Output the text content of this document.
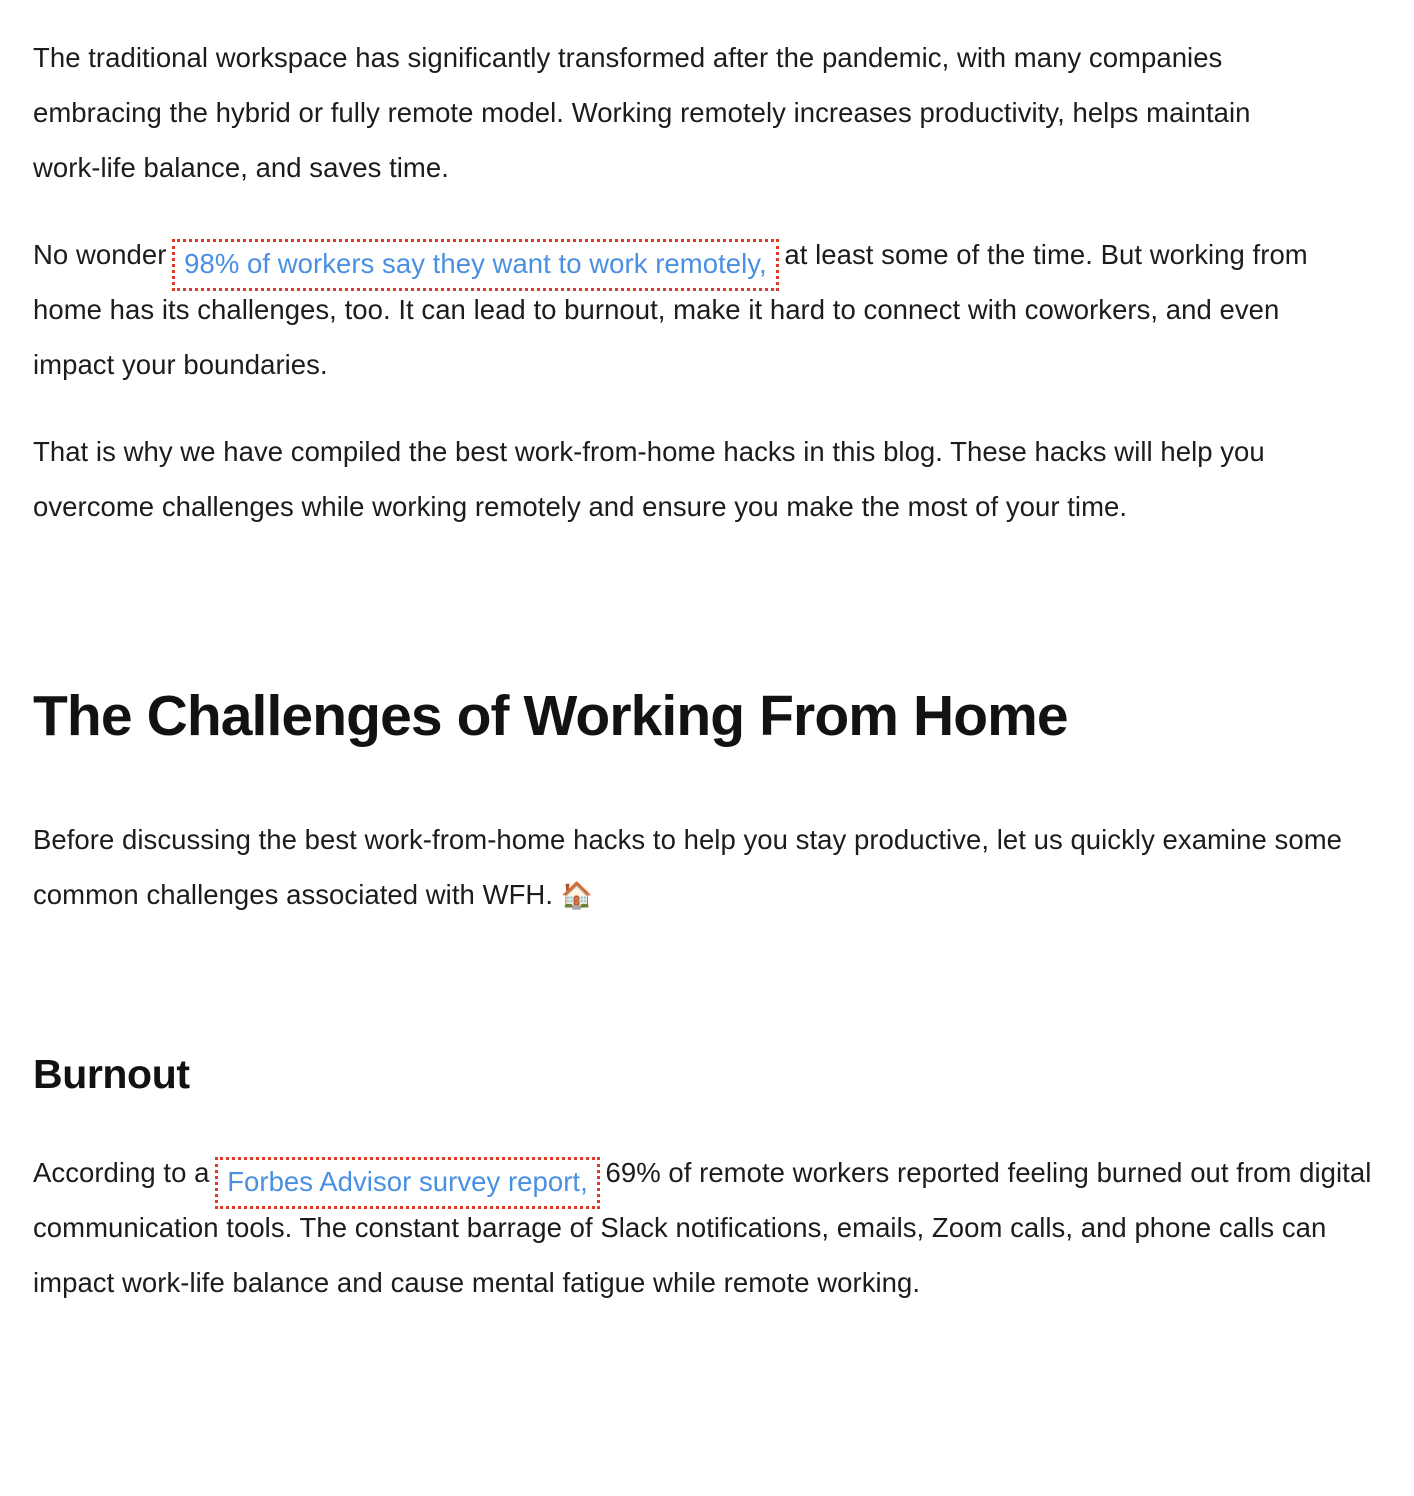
The traditional workspace has significantly transformed after the pandemic, with many companies embracing the hybrid or fully remote model. Working remotely increases productivity, helps maintain work-life balance, and saves time.

No wonder 98% of workers say they want to work remotely, at least some of the time. But working from home has its challenges, too. It can lead to burnout, make it hard to connect with coworkers, and even impact your boundaries.

That is why we have compiled the best work-from-home hacks in this blog. These hacks will help you overcome challenges while working remotely and ensure you make the most of your time.

The Challenges of Working From Home

Before discussing the best work-from-home hacks to help you stay productive, let us quickly examine some common challenges associated with WFH. 🏠

Burnout

According to a Forbes Advisor survey report, 69% of remote workers reported feeling burned out from digital communication tools. The constant barrage of Slack notifications, emails, Zoom calls, and phone calls can impact work-life balance and cause mental fatigue while remote working.
